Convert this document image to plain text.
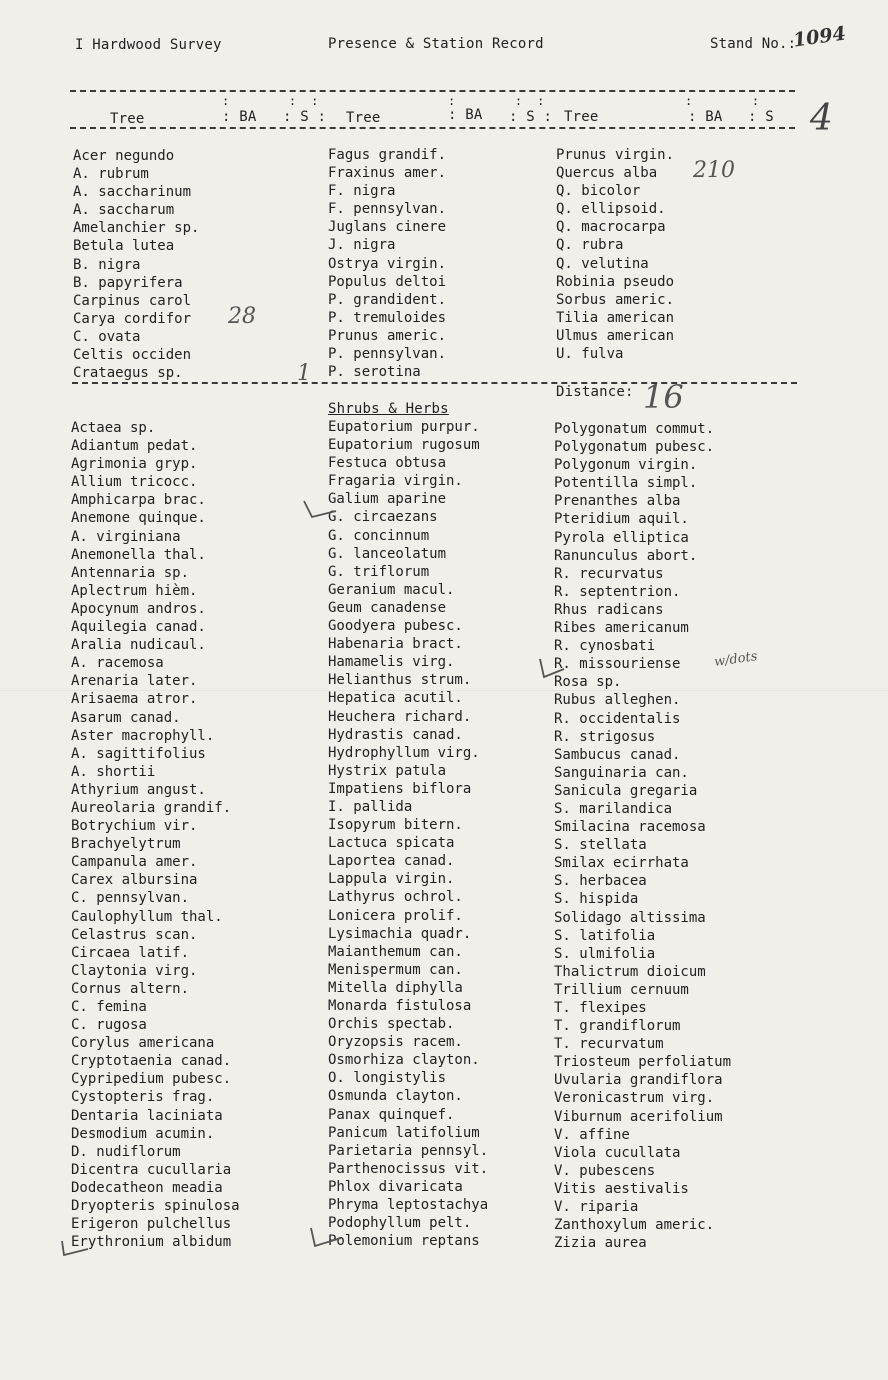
I Hardwood Survey	Presence & Station Record	Stand No.:
1094
:        :  :	:        :  :	:        :
Tree	: BA : S : Tree	: BA : S : Tree	: BA : S 4
Acer negundo
A. rubrum
A. saccharinum
A. saccharum
Amelanchier sp.
Betula lutea
B. nigra
B. papyrifera
Carpinus carol
Carya cordifor
C. ovata
Celtis occiden
Crataegus sp.
Fagus grandif.
Fraxinus amer.
F. nigra
F. pennsylvan.
Juglans cinere
J. nigra
Ostrya virgin.
Populus deltoi
P. grandident.
P. tremuloides
Prunus americ.
P. pennsylvan.
P. serotina
Prunus virgin.
Quercus alba
Q. bicolor
Q. ellipsoid.
Q. macrocarpa
Q. rubra
Q. velutina
Robinia pseudo
Sorbus americ.
Tilia american
Ulmus american
U. fulva
210
28
1
Distance: 16
Shrubs & Herbs
Actaea sp.
Adiantum pedat.
Agrimonia gryp.
Allium tricocc.
Amphicarpa brac.
Anemone quinque.
A. virginiana
Anemonella thal.
Antennaria sp.
Aplectrum hièm.
Apocynum andros.
Aquilegia canad.
Aralia nudicaul.
A. racemosa
Arenaria later.
Arisaema atror.
Asarum canad.
Aster macrophyll.
A. sagittifolius
A. shortii
Athyrium angust.
Aureolaria grandif.
Botrychium vir.
Brachyelytrum
Campanula amer.
Carex albursina
C. pennsylvan.
Caulophyllum thal.
Celastrus scan.
Circaea latif.
Claytonia virg.
Cornus altern.
C. femina
C. rugosa
Corylus americana
Cryptotaenia canad.
Cypripedium pubesc.
Cystopteris frag.
Dentaria laciniata
Desmodium acumin.
D. nudiflorum
Dicentra cucullaria
Dodecatheon meadia
Dryopteris spinulosa
Erigeron pulchellus
Erythronium albidum
Eupatorium purpur.
Eupatorium rugosum
Festuca obtusa
Fragaria virgin.
Galium aparine
G. circaezans
G. concinnum
G. lanceolatum
G. triflorum
Geranium macul.
Geum canadense
Goodyera pubesc.
Habenaria bract.
Hamamelis virg.
Helianthus strum.
Hepatica acutil.
Heuchera richard.
Hydrastis canad.
Hydrophyllum virg.
Hystrix patula
Impatiens biflora
I. pallida
Isopyrum bitern.
Lactuca spicata
Laportea canad.
Lappula virgin.
Lathyrus ochrol.
Lonicera prolif.
Lysimachia quadr.
Maianthemum can.
Menispermum can.
Mitella diphylla
Monarda fistulosa
Orchis spectab.
Oryzopsis racem.
Osmorhiza clayton.
O. longistylis
Osmunda clayton.
Panax quinquef.
Panicum latifolium
Parietaria pennsyl.
Parthenocissus vit.
Phlox divaricata
Phryma leptostachya
Podophyllum pelt.
Polemonium reptans
Polygonatum commut.
Polygonatum pubesc.
Polygonum virgin.
Potentilla simpl.
Prenanthes alba
Pteridium aquil.
Pyrola elliptica
Ranunculus abort.
R. recurvatus
R. septentrion.
Rhus radicans
Ribes americanum
R. cynosbati
R. missouriense
Rosa sp.
Rubus alleghen.
R. occidentalis
R. strigosus
Sambucus canad.
Sanguinaria can.
Sanicula gregaria
S. marilandica
Smilacina racemosa
S. stellata
Smilax ecirrhata
S. herbacea
S. hispida
Solidago altissima
S. latifolia
S. ulmifolia
Thalictrum dioicum
Trillium cernuum
T. flexipes
T. grandiflorum
T. recurvatum
Triosteum perfoliatum
Uvularia grandiflora
Veronicastrum virg.
Viburnum acerifolium
V. affine
Viola cucullata
V. pubescens
Vitis aestivalis
V. riparia
Zanthoxylum americ.
Zizia aurea
w/dots
